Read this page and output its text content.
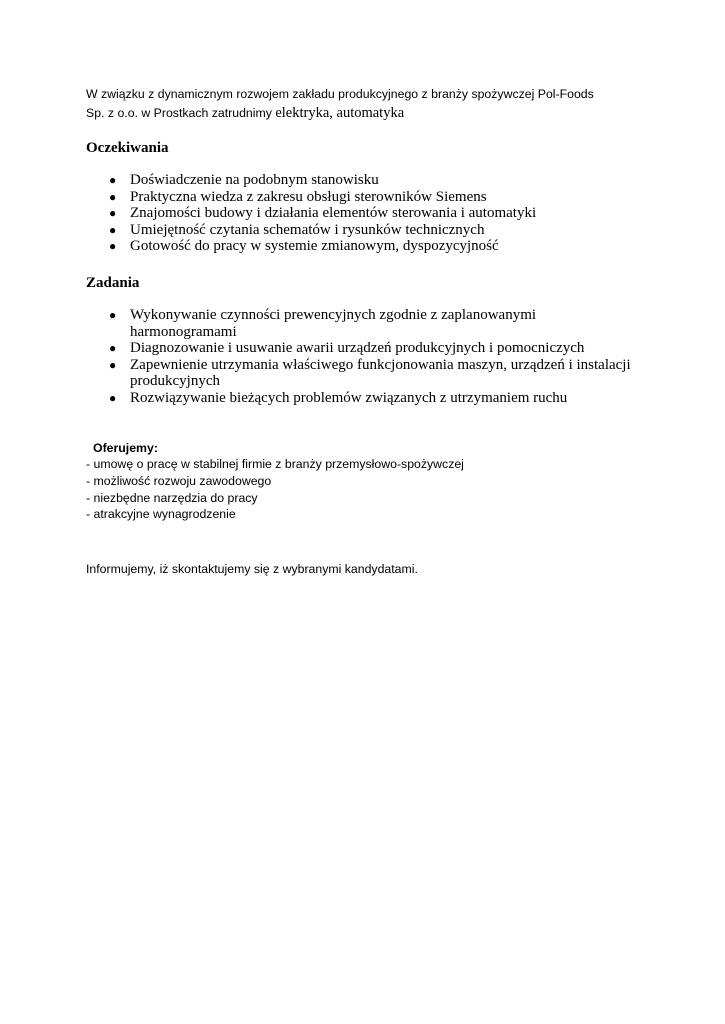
W związku z dynamicznym rozwojem zakładu produkcyjnego z branży spożywczej Pol-Foods
Sp. z o.o. w Prostkach zatrudnimy elektryka, automatyka
Oczekiwania
● Doświadczenie na podobnym stanowisku
● Praktyczna wiedza z zakresu obsługi sterowników Siemens
● Znajomości budowy i działania elementów sterowania i automatyki
● Umiejętność czytania schematów i rysunków technicznych
● Gotowość do pracy w systemie zmianowym, dyspozycyjność
Zadania
● Wykonywanie czynności prewencyjnych zgodnie z zaplanowanymi harmonogramami
● Diagnozowanie i usuwanie awarii urządzeń produkcyjnych i pomocniczych
● Zapewnienie utrzymania właściwego funkcjonowania maszyn, urządzeń i instalacji produkcyjnych
● Rozwiązywanie bieżących problemów związanych z utrzymaniem ruchu
Oferujemy:
- umowę o pracę w stabilnej firmie z branży przemysłowo-spożywczej
- możliwość rozwoju zawodowego
- niezbędne narzędzia do pracy
- atrakcyjne wynagrodzenie
Informujemy, iż skontaktujemy się z wybranymi kandydatami.
